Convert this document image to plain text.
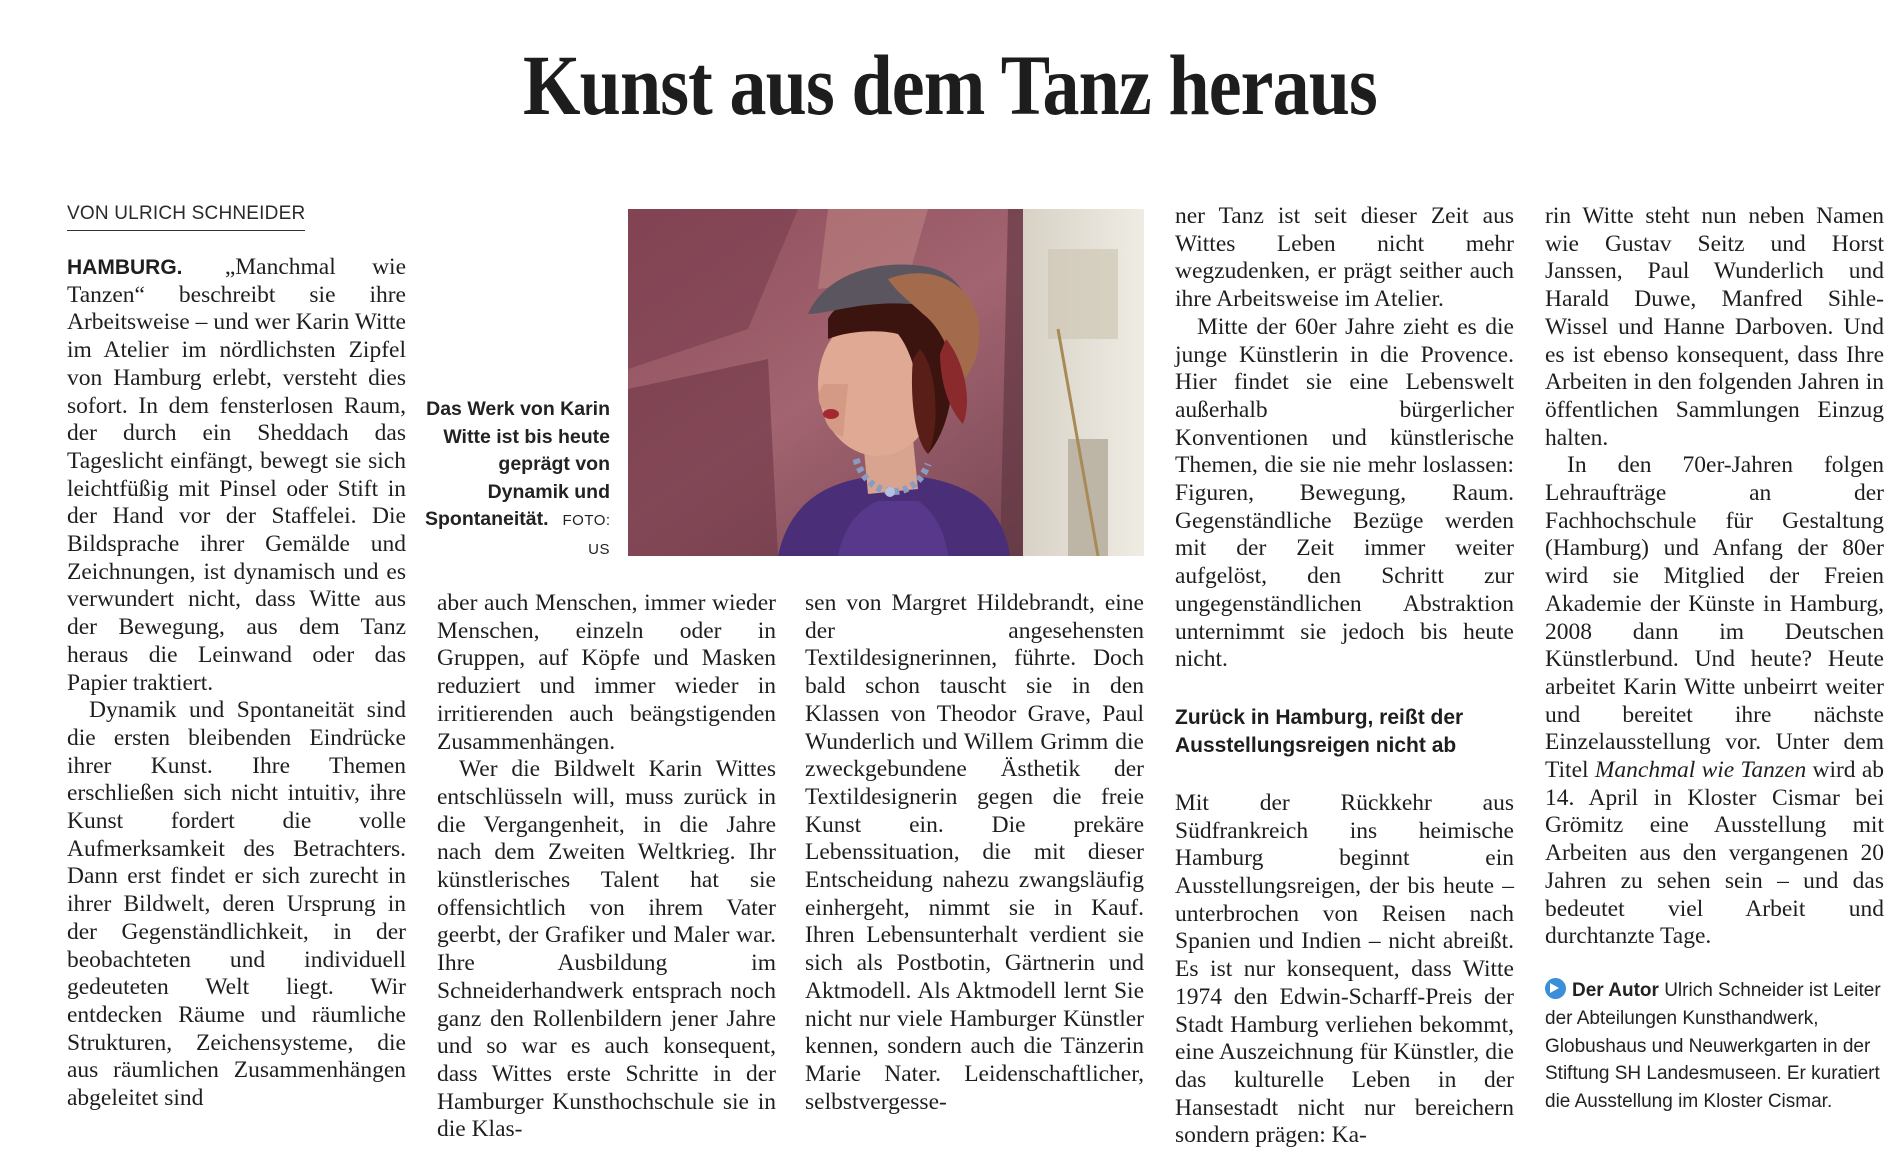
Kunst aus dem Tanz heraus
VON ULRICH SCHNEIDER

HAMBURG. „Manchmal wie Tanzen“ beschreibt sie ihre Arbeitsweise – und wer Karin Witte im Atelier im nördlichsten Zipfel von Hamburg erlebt, versteht dies sofort. In dem fensterlosen Raum, der durch ein Sheddach das Tageslicht einfängt, bewegt sie sich leichtfüßig mit Pinsel oder Stift in der Hand vor der Staffelei. Die Bildsprache ihrer Gemälde und Zeichnungen, ist dynamisch und es verwundert nicht, dass Witte aus der Bewegung, aus dem Tanz heraus die Leinwand oder das Papier traktiert.

Dynamik und Spontaneität sind die ersten bleibenden Eindrücke ihrer Kunst. Ihre Themen erschließen sich nicht intuitiv, ihre Kunst fordert die volle Aufmerksamkeit des Betrachters. Dann erst findet er sich zurecht in ihrer Bildwelt, deren Ursprung in der Gegenständlichkeit, in der beobachteten und individuell gedeuteten Welt liegt. Wir entdecken Räume und räumliche Strukturen, Zeichensysteme, die aus räumlichen Zusammenhängen abgeleitet sind

Das Werk von Karin Witte ist bis heute geprägt von Dynamik und Spontaneität. FOTO: US

aber auch Menschen, immer wieder Menschen, einzeln oder in Gruppen, auf Köpfe und Masken reduziert und immer wieder in irritierenden auch beängstigenden Zusammenhängen.

Wer die Bildwelt Karin Wittes entschlüsseln will, muss zurück in die Vergangenheit, in die Jahre nach dem Zweiten Weltkrieg. Ihr künstlerisches Talent hat sie offensichtlich von ihrem Vater geerbt, der Grafiker und Maler war. Ihre Ausbildung im Schneiderhandwerk entsprach noch ganz den Rollenbildern jener Jahre und so war es auch konsequent, dass Wittes erste Schritte in der Hamburger Kunsthochschule sie in die Klas-

sen von Margret Hildebrandt, eine der angesehensten Textildesignerinnen, führte. Doch bald schon tauscht sie in den Klassen von Theodor Grave, Paul Wunderlich und Willem Grimm die zweckgebundene Ästhetik der Textildesignerin gegen die freie Kunst ein. Die prekäre Lebenssituation, die mit dieser Entscheidung nahezu zwangsläufig einhergeht, nimmt sie in Kauf. Ihren Lebensunterhalt verdient sie sich als Postbotin, Gärtnerin und Aktmodell. Als Aktmodell lernt Sie nicht nur viele Hamburger Künstler kennen, sondern auch die Tänzerin Marie Nater. Leidenschaftlicher, selbstvergesse-

ner Tanz ist seit dieser Zeit aus Wittes Leben nicht mehr wegzudenken, er prägt seither auch ihre Arbeitsweise im Atelier.

Mitte der 60er Jahre zieht es die junge Künstlerin in die Provence. Hier findet sie eine Lebenswelt außerhalb bürgerlicher Konventionen und künstlerische Themen, die sie nie mehr loslassen: Figuren, Bewegung, Raum. Gegenständliche Bezüge werden mit der Zeit immer weiter aufgelöst, den Schritt zur ungegenständlichen Abstraktion unternimmt sie jedoch bis heute nicht.

Zurück in Hamburg, reißt der Ausstellungsreigen nicht ab

Mit der Rückkehr aus Südfrankreich ins heimische Hamburg beginnt ein Ausstellungsreigen, der bis heute – unterbrochen von Reisen nach Spanien und Indien – nicht abreißt. Es ist nur konsequent, dass Witte 1974 den Edwin-Scharff-Preis der Stadt Hamburg verliehen bekommt, eine Auszeichnung für Künstler, die das kulturelle Leben in der Hansestadt nicht nur bereichern sondern prägen: Ka-

rin Witte steht nun neben Namen wie Gustav Seitz und Horst Janssen, Paul Wunderlich und Harald Duwe, Manfred Sihle-Wissel und Hanne Darboven. Und es ist ebenso konsequent, dass Ihre Arbeiten in den folgenden Jahren in öffentlichen Sammlungen Einzug halten.

In den 70er-Jahren folgen Lehraufträge an der Fachhochschule für Gestaltung (Hamburg) und Anfang der 80er wird sie Mitglied der Freien Akademie der Künste in Hamburg, 2008 dann im Deutschen Künstlerbund. Und heute? Heute arbeitet Karin Witte unbeirrt weiter und bereitet ihre nächste Einzelausstellung vor. Unter dem Titel Manchmal wie Tanzen wird ab 14. April in Kloster Cismar bei Grömitz eine Ausstellung mit Arbeiten aus den vergangenen 20 Jahren zu sehen sein – und das bedeutet viel Arbeit und durchtanzte Tage.

Der Autor Ulrich Schneider ist Leiter der Abteilungen Kunsthandwerk, Globushaus und Neuwerkgarten in der Stiftung SH Landesmuseen. Er kuratiert die Ausstellung im Kloster Cismar.
